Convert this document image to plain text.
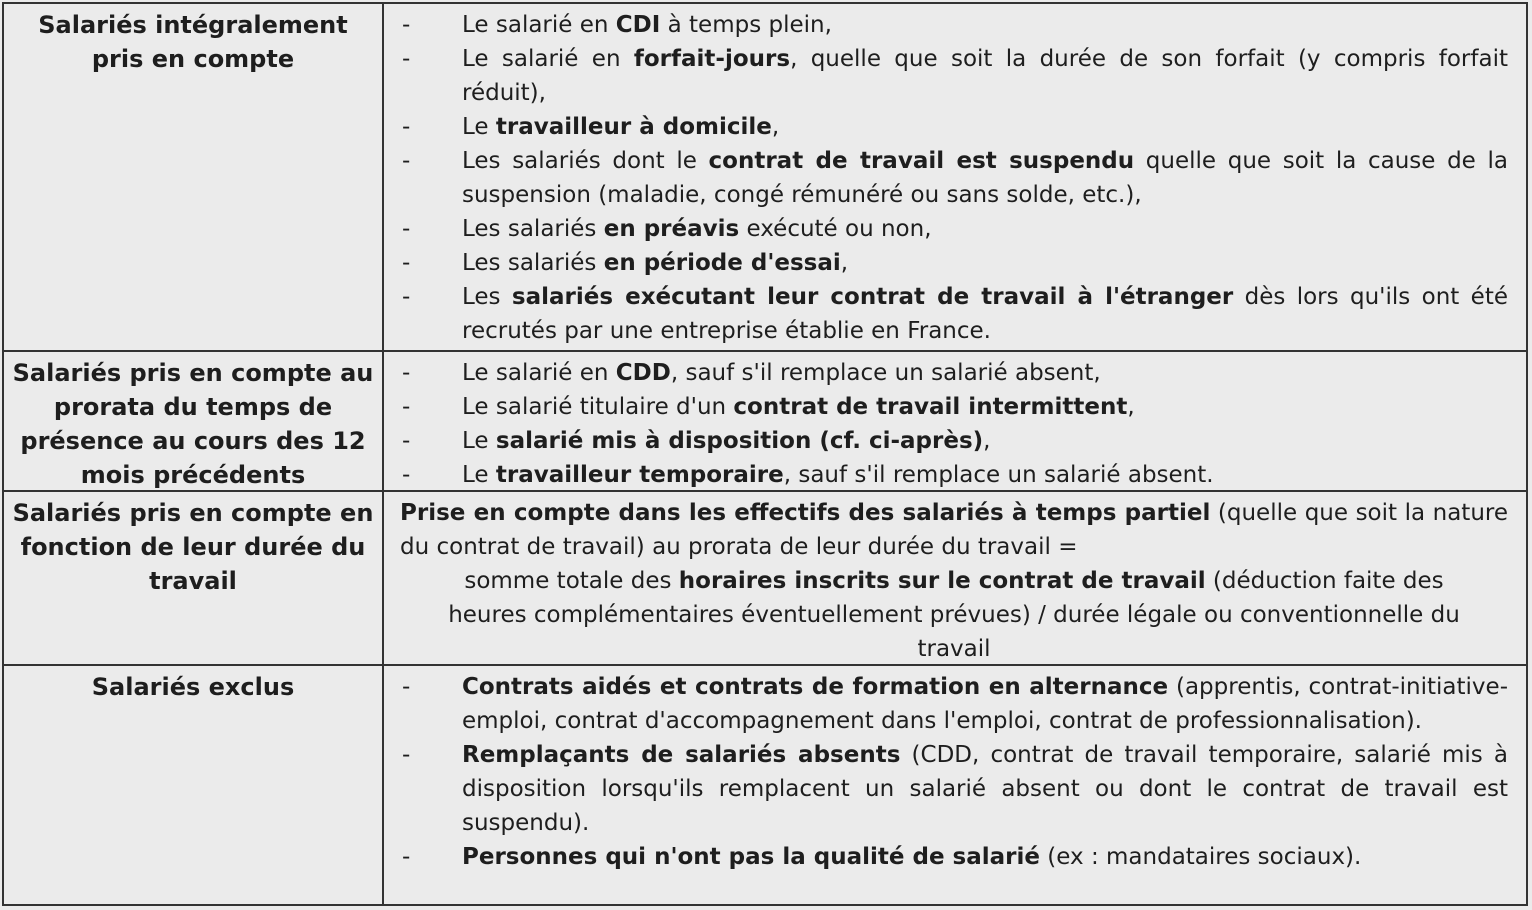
Salariés intégralement pris en compte
- Le salarié en CDI à temps plein,
- Le salarié en forfait-jours, quelle que soit la durée de son forfait (y compris forfait réduit),
- Le travailleur à domicile,
- Les salariés dont le contrat de travail est suspendu quelle que soit la cause de la suspension (maladie, congé rémunéré ou sans solde, etc.),
- Les salariés en préavis exécuté ou non,
- Les salariés en période d'essai,
- Les salariés exécutant leur contrat de travail à l'étranger dès lors qu'ils ont été recrutés par une entreprise établie en France.
Salariés pris en compte au prorata du temps de présence au cours des 12 mois précédents
- Le salarié en CDD, sauf s'il remplace un salarié absent,
- Le salarié titulaire d'un contrat de travail intermittent,
- Le salarié mis à disposition (cf. ci-après),
- Le travailleur temporaire, sauf s'il remplace un salarié absent.
Salariés pris en compte en fonction de leur durée du travail
Prise en compte dans les effectifs des salariés à temps partiel (quelle que soit la nature du contrat de travail) au prorata de leur durée du travail =
somme totale des horaires inscrits sur le contrat de travail (déduction faite des heures complémentaires éventuellement prévues) / durée légale ou conventionnelle du travail
Salariés exclus	- Contrats aidés et contrats de formation en alternance (apprentis, contrat-initiative-emploi, contrat d'accompagnement dans l'emploi, contrat de professionnalisation).
- Remplaçants de salariés absents (CDD, contrat de travail temporaire, salarié mis à disposition lorsqu'ils remplacent un salarié absent ou dont le contrat de travail est suspendu).
- Personnes qui n'ont pas la qualité de salarié (ex : mandataires sociaux).
